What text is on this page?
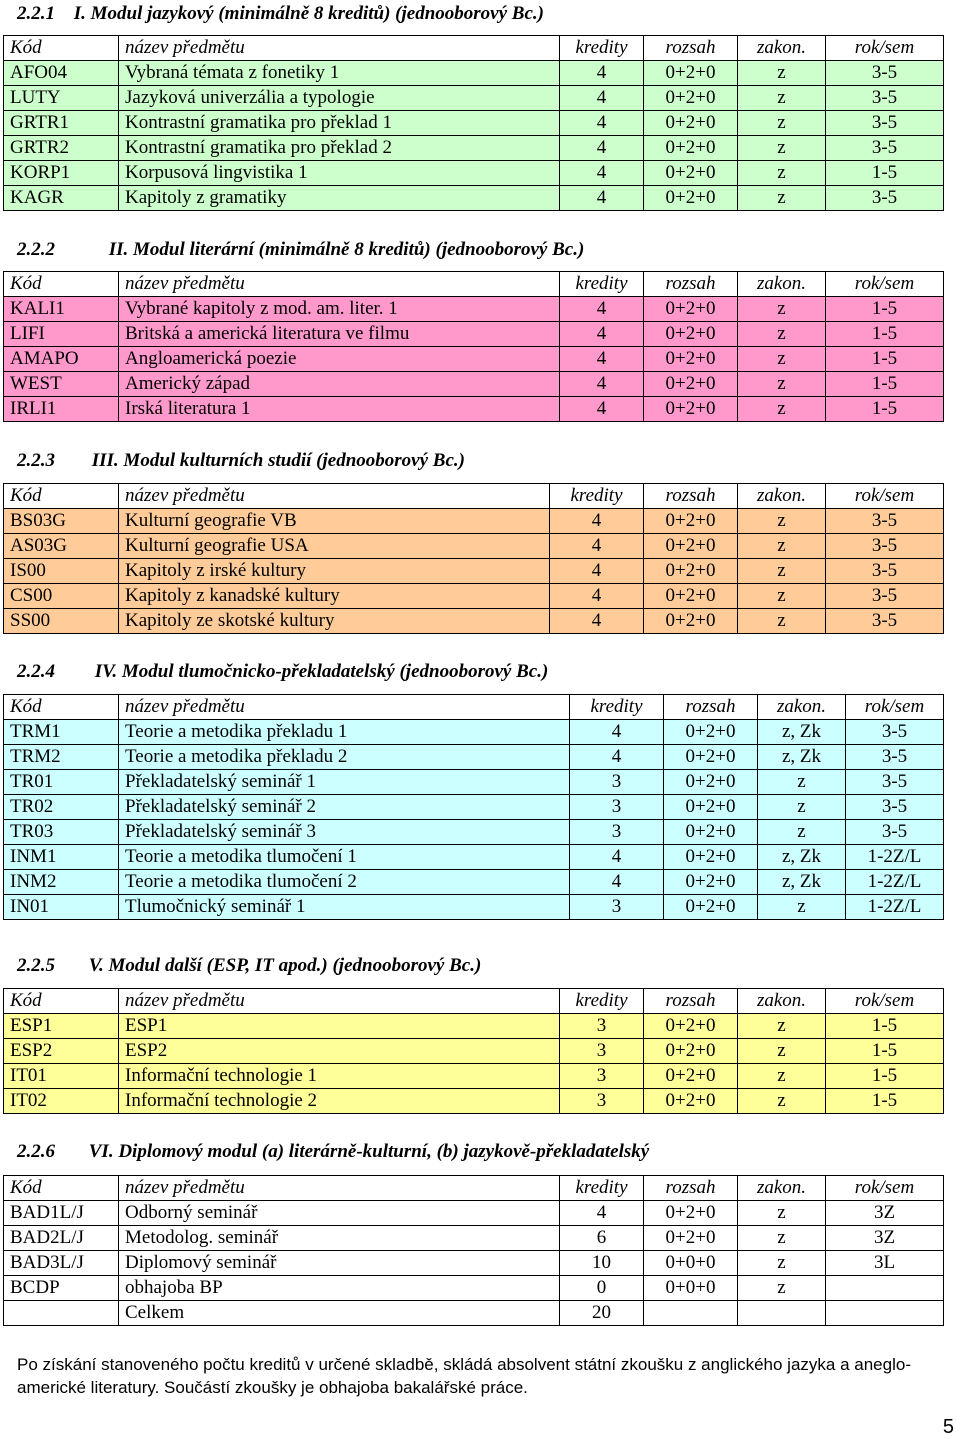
2.2.1 I. Modul jazykový (minimálně 8 kreditů) (jednooborový Bc.)
Kód	název předmětu	kredity	rozsah	zakon.	rok/sem
AFO04	Vybraná témata z fonetiky 1	4	0+2+0	z	3-5
LUTY	Jazyková univerzália a typologie	4	0+2+0	z	3-5
GRTR1	Kontrastní gramatika pro překlad 1	4	0+2+0	z	3-5
GRTR2	Kontrastní gramatika pro překlad 2	4	0+2+0	z	3-5
KORP1	Korpusová lingvistika 1	4	0+2+0	z	1-5
KAGR	Kapitoly z gramatiky	4	0+2+0	z	3-5
2.2.2	II. Modul literární (minimálně 8 kreditů) (jednooborový Bc.)
Kód	název předmětu	kredity	rozsah	zakon.	rok/sem
KALI1	Vybrané kapitoly z mod. am. liter. 1	4	0+2+0	z	1-5
LIFI	Britská a americká literatura ve filmu	4	0+2+0	z	1-5
AMAPO	Angloamerická poezie	4	0+2+0	z	1-5
WEST	Americký západ	4	0+2+0	z	1-5
IRLI1	Irská literatura 1	4	0+2+0	z	1-5
2.2.3 III. Modul kulturních studií (jednooborový Bc.)
Kód	název předmětu	kredity	rozsah	zakon.	rok/sem
BS03G	Kulturní geografie VB	4	0+2+0	z	3-5
AS03G	Kulturní geografie USA	4	0+2+0	z	3-5
IS00	Kapitoly z irské kultury	4	0+2+0	z	3-5
CS00	Kapitoly z kanadské kultury	4	0+2+0	z	3-5
SS00	Kapitoly ze skotské kultury	4	0+2+0	z	3-5
2.2.4 IV. Modul tlumočnicko-překladatelský (jednooborový Bc.)
Kód	název předmětu	kredity	rozsah	zakon.	rok/sem
TRM1	Teorie a metodika překladu 1	4	0+2+0	z, Zk	3-5
TRM2	Teorie a metodika překladu 2	4	0+2+0	z, Zk	3-5
TR01	Překladatelský seminář 1	3	0+2+0	z	3-5
TR02	Překladatelský seminář 2	3	0+2+0	z	3-5
TR03	Překladatelský seminář 3	3	0+2+0	z	3-5
INM1	Teorie a metodika tlumočení 1	4	0+2+0	z, Zk	1-2Z/L
INM2	Teorie a metodika tlumočení 2	4	0+2+0	z, Zk	1-2Z/L
IN01	Tlumočnický seminář 1	3	0+2+0	z	1-2Z/L
2.2.5 V. Modul další (ESP, IT apod.) (jednooborový Bc.)
Kód	název předmětu	kredity	rozsah	zakon.	rok/sem
ESP1	ESP1	3	0+2+0	z	1-5
ESP2	ESP2	3	0+2+0	z	1-5
IT01	Informační technologie 1	3	0+2+0	z	1-5
IT02	Informační technologie 2	3	0+2+0	z	1-5
2.2.6 VI. Diplomový modul (a) literárně-kulturní, (b) jazykově-překladatelský
Kód	název předmětu	kredity	rozsah	zakon.	rok/sem
BAD1L/J	Odborný seminář	4	0+2+0	z	3Z
BAD2L/J	Metodolog. seminář	6	0+2+0	z	3Z
BAD3L/J	Diplomový seminář	10	0+0+0	z	3L
BCDP	obhajoba BP	0	0+0+0	z	
	Celkem	20			
Po získání stanoveného počtu kreditů v určené skladbě, skládá absolvent státní zkoušku z anglického jazyka a aneglo-americké literatury. Součástí zkoušky je obhajoba bakalářské práce.
5
